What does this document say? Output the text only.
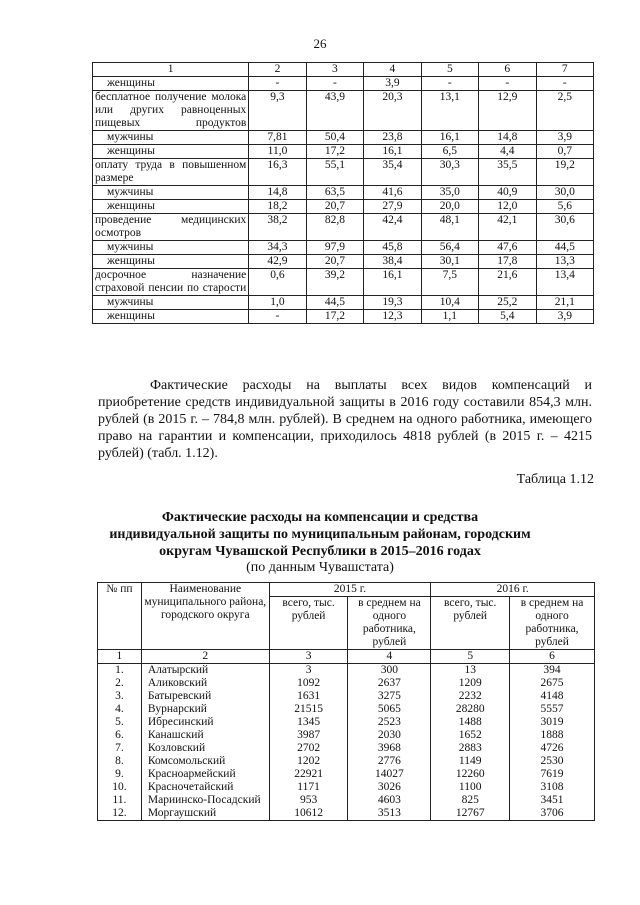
26
1	2	3	4	5	6	7
женщины	-	-	3,9	-	-	-
бесплатное получение молока или других равноценных пищевых продуктов	9,3	43,9	20,3	13,1	12,9	2,5
мужчины	7,81	50,4	23,8	16,1	14,8	3,9
женщины	11,0	17,2	16,1	6,5	4,4	0,7
оплату труда в повышенном размере	16,3	55,1	35,4	30,3	35,5	19,2
мужчины	14,8	63,5	41,6	35,0	40,9	30,0
женщины	18,2	20,7	27,9	20,0	12,0	5,6
проведение медицинских осмотров	38,2	82,8	42,4	48,1	42,1	30,6
мужчины	34,3	97,9	45,8	56,4	47,6	44,5
женщины	42,9	20,7	38,4	30,1	17,8	13,3
досрочное назначение страховой пенсии по старости	0,6	39,2	16,1	7,5	21,6	13,4
мужчины	1,0	44,5	19,3	10,4	25,2	21,1
женщины	-	17,2	12,3	1,1	5,4	3,9

Фактические расходы на выплаты всех видов компенсаций и приобретение средств индивидуальной защиты в 2016 году составили 854,3 млн. рублей (в 2015 г. – 784,8 млн. рублей). В среднем на одного работника, имеющего право на гарантии и компенсации, приходилось 4818 рублей (в 2015 г. – 4215 рублей) (табл. 1.12).

Таблица 1.12
Фактические расходы на компенсации и средства
индивидуальной защиты по муниципальным районам, городским
округам Чувашской Республики в 2015–2016 годах
(по данным Чувашстата)
№ пп	Наименование муниципального района, городского округа	2015 г.		2016 г.	
		всего, тыс. рублей	в среднем на одного работника, рублей	всего, тыс. рублей	в среднем на одного работника, рублей
1	2	3	4	5	6
1.	Алатырский	3	300	13	394
2.	Аликовский	1092	2637	1209	2675
3.	Батыревский	1631	3275	2232	4148
4.	Вурнарский	21515	5065	28280	5557
5.	Ибресинский	1345	2523	1488	3019
6.	Канашский	3987	2030	1652	1888
7.	Козловский	2702	3968	2883	4726
8.	Комсомольский	1202	2776	1149	2530
9.	Красноармейский	22921	14027	12260	7619
10.	Красночетайский	1171	3026	1100	3108
11.	Мариинско-Посадский	953	4603	825	3451
12.	Моргаушский	10612	3513	12767	3706
